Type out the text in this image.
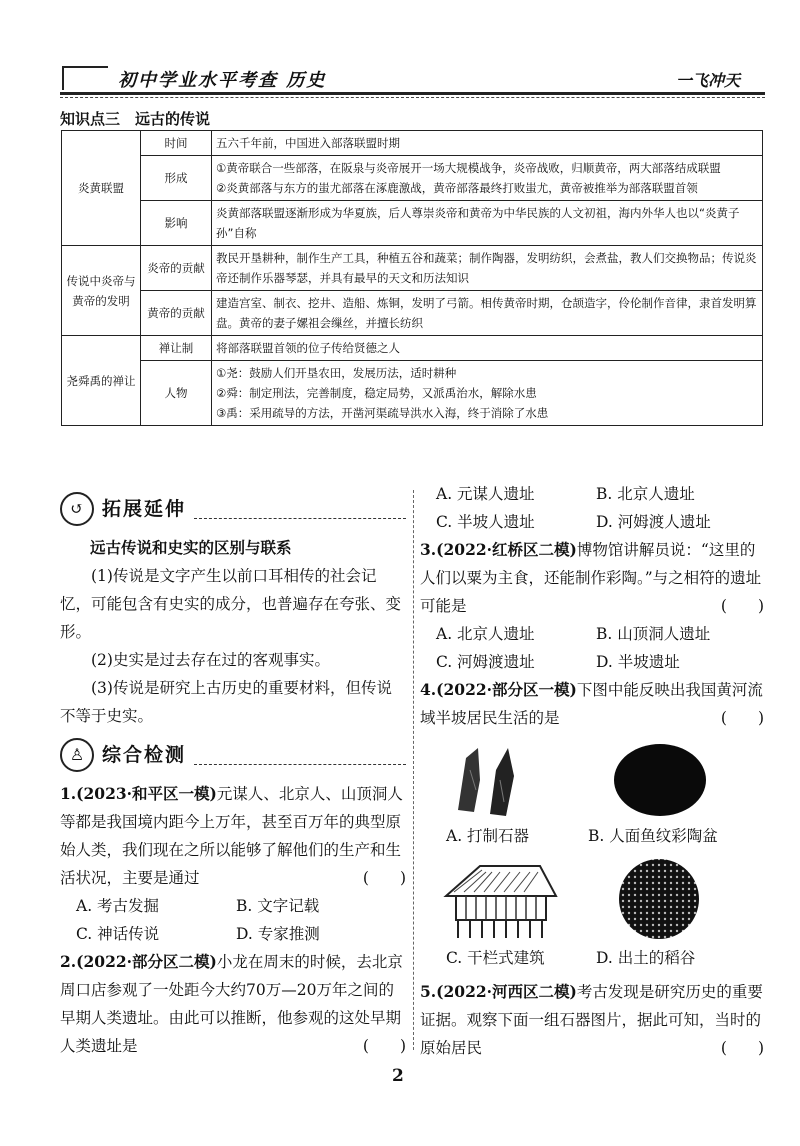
初中学业水平考查 历史	一飞冲天
知识点三　远古的传说
炎黄联盟	时间	五六千年前，中国进入部落联盟时期
	形成	①黄帝联合一些部落，在阪泉与炎帝展开一场大规模战争，炎帝战败，归顺黄帝，两大部落结成联盟
②炎黄部落与东方的蚩尤部落在涿鹿激战，黄帝部落最终打败蚩尤，黄帝被推举为部落联盟首领

	影响	炎黄部落联盟逐渐形成为华夏族，后人尊崇炎帝和黄帝为中华民族的人文初祖，海内外华人也以“炎黄子孙”自称
传说中炎帝与黄帝的发明	炎帝的贡献	教民开垦耕种，制作生产工具，种植五谷和蔬菜；制作陶器，发明纺织，会煮盐，教人们交换物品；传说炎帝还制作乐器琴瑟，并具有最早的天文和历法知识
	黄帝的贡献	建造宫室、制衣、挖井、造船、炼铜，发明了弓箭。相传黄帝时期，仓颉造字，伶伦制作音律，隶首发明算盘。黄帝的妻子嫘祖会缫丝，并擅长纺织
尧舜禹的禅让	禅让制	将部落联盟首领的位子传给贤德之人
	人物	①尧：鼓励人们开垦农田，发展历法，适时耕种
②舜：制定刑法，完善制度，稳定局势，又派禹治水，解除水患
③禹：采用疏导的方法，开凿河渠疏导洪水入海，终于消除了水患
↺ 拓展延伸
远古传说和史实的区别与联系
(1)传说是文字产生以前口耳相传的社会记忆，可能包含有史实的成分，也普遍存在夸张、变形。
(2)史实是过去存在过的客观事实。
(3)传说是研究上古历史的重要材料，但传说不等于史实。
♙ 综合检测
1.(2023·和平区一模)元谋人、北京人、山顶洞人等都是我国境内距今上万年，甚至百万年的典型原始人类，我们现在之所以能够了解他们的生产和生活状况，主要是通过	(　　)
A. 考古发掘	B. 文字记载
C. 神话传说	D. 专家推测
2.(2022·部分区二模)小龙在周末的时候，去北京周口店参观了一处距今大约70万—20万年之间的早期人类遗址。由此可以推断，他参观的这处早期人类遗址是	(　　)
A. 元谋人遗址	B. 北京人遗址
C. 半坡人遗址	D. 河姆渡人遗址
3.(2022·红桥区二模)博物馆讲解员说：“这里的人们以粟为主食，还能制作彩陶。”与之相符的遗址可能是	(　　)
A. 北京人遗址	B. 山顶洞人遗址
C. 河姆渡遗址	D. 半坡遗址
4.(2022·部分区一模)下图中能反映出我国黄河流域半坡居民生活的是	(　　)
A. 打制石器	B. 人面鱼纹彩陶盆
C. 干栏式建筑	D. 出土的稻谷
5.(2022·河西区二模)考古发现是研究历史的重要证据。观察下面一组石器图片，据此可知，当时的原始居民	(　　)
2
